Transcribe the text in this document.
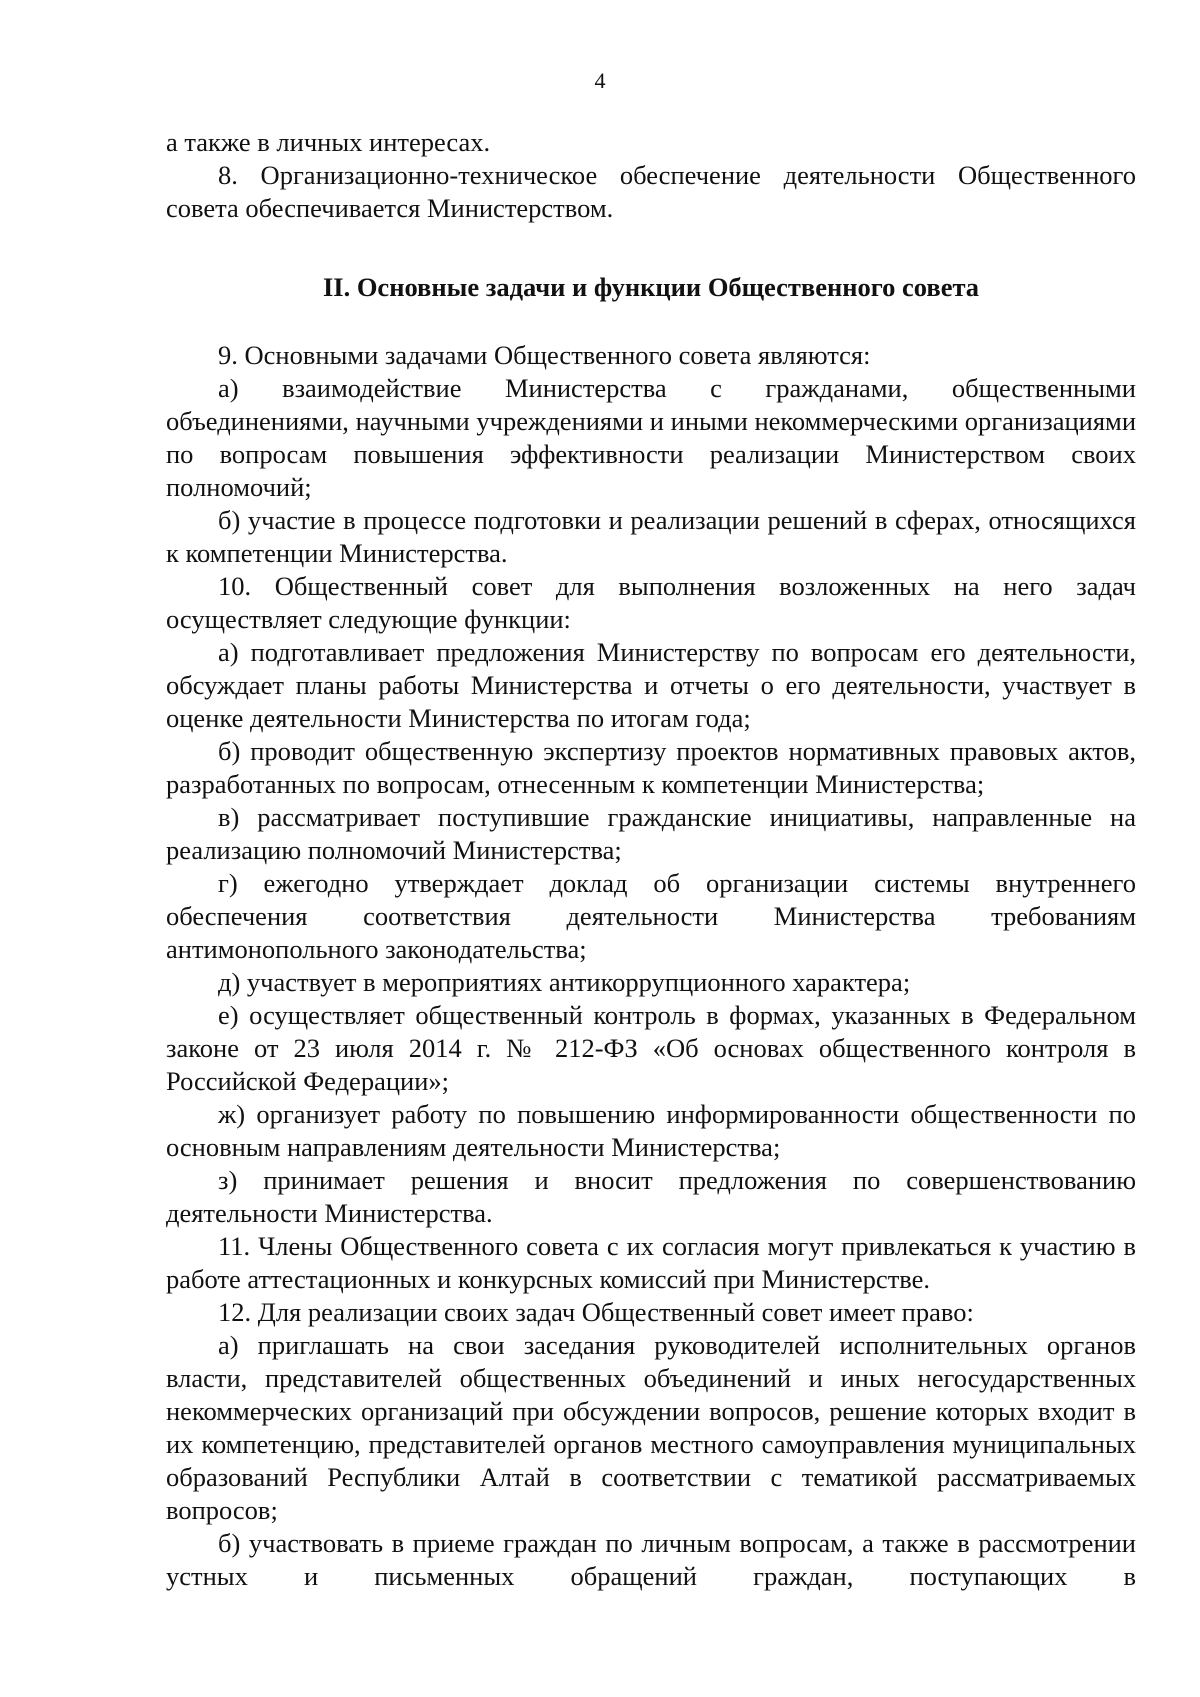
4

а также в личных интересах.

8. Организационно-техническое обеспечение деятельности Общественного совета обеспечивается Министерством.

II. Основные задачи и функции Общественного совета

9. Основными задачами Общественного совета являются:

а) взаимодействие Министерства с гражданами, общественными объединениями, научными учреждениями и иными некоммерческими организациями по вопросам повышения эффективности реализации Министерством своих полномочий;

б) участие в процессе подготовки и реализации решений в сферах, относящихся к компетенции Министерства.

10. Общественный совет для выполнения возложенных на него задач осуществляет следующие функции:

а) подготавливает предложения Министерству по вопросам его деятельности, обсуждает планы работы Министерства и отчеты о его деятельности, участвует в оценке деятельности Министерства по итогам года;

б) проводит общественную экспертизу проектов нормативных правовых актов, разработанных по вопросам, отнесенным к компетенции Министерства;

в) рассматривает поступившие гражданские инициативы, направленные на реализацию полномочий Министерства;

г) ежегодно утверждает доклад об организации системы внутреннего обеспечения соответствия деятельности Министерства требованиям антимонопольного законодательства;

д) участвует в мероприятиях антикоррупционного характера;

е) осуществляет общественный контроль в формах, указанных в Федеральном законе от 23 июля 2014 г. № 212-ФЗ «Об основах общественного контроля в Российской Федерации»;

ж) организует работу по повышению информированности общественности по основным направлениям деятельности Министерства;

з) принимает решения и вносит предложения по совершенствованию деятельности Министерства.

11. Члены Общественного совета с их согласия могут привлекаться к участию в работе аттестационных и конкурсных комиссий при Министерстве.

12. Для реализации своих задач Общественный совет имеет право:

а) приглашать на свои заседания руководителей исполнительных органов власти, представителей общественных объединений и иных негосударственных некоммерческих организаций при обсуждении вопросов, решение которых входит в их компетенцию, представителей органов местного самоуправления муниципальных образований Республики Алтай в соответствии с тематикой рассматриваемых вопросов;

б) участвовать в приеме граждан по личным вопросам, а также в рассмотрении устных и письменных обращений граждан, поступающих в
